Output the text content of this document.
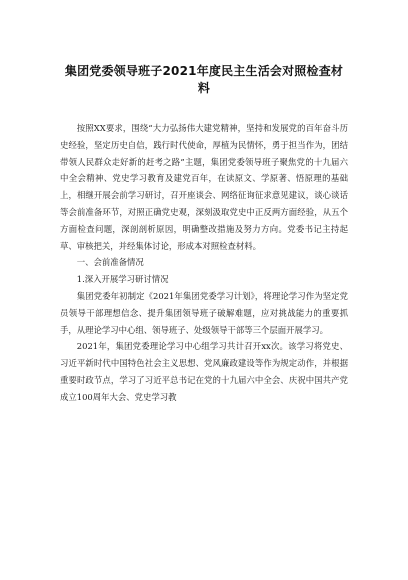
集团党委领导班子2021年度民主生活会对照检查材料

按照XX要求，围绕“大力弘扬伟大建党精神，坚持和发展党的百年奋斗历史经验，坚定历史自信，践行时代使命，厚植为民情怀，勇于担当作为，团结带领人民群众走好新的赶考之路”主题，集团党委领导班子聚焦党的十九届六中全会精神、党史学习教育及建党百年，在读原文、学原著、悟原理的基础上，相继开展会前学习研讨，召开座谈会、网络征询征求意见建议，谈心谈话等会前准备环节，对照正确党史观，深刻汲取党史中正反两方面经验，从五个方面检查问题，深剖剖析原因，明确整改措施及努力方向。党委书记主持起草、审核把关，并经集体讨论，形成本对照检查材料。

一、会前准备情况

1.深入开展学习研讨情况

集团党委年初制定《2021年集团党委学习计划》，将理论学习作为坚定党员领导干部理想信念、提升集团领导班子破解难题，应对挑战能力的重要抓手，从理论学习中心组、领导班子、处级领导干部等三个层面开展学习。

2021年，集团党委理论学习中心组学习共计召开xx次。该学习将党史、习近平新时代中国特色社会主义思想、党风廉政建设等作为规定动作，并根据重要时政节点，学习了习近平总书记在党的十九届六中全会、庆祝中国共产党成立100周年大会、党史学习教
